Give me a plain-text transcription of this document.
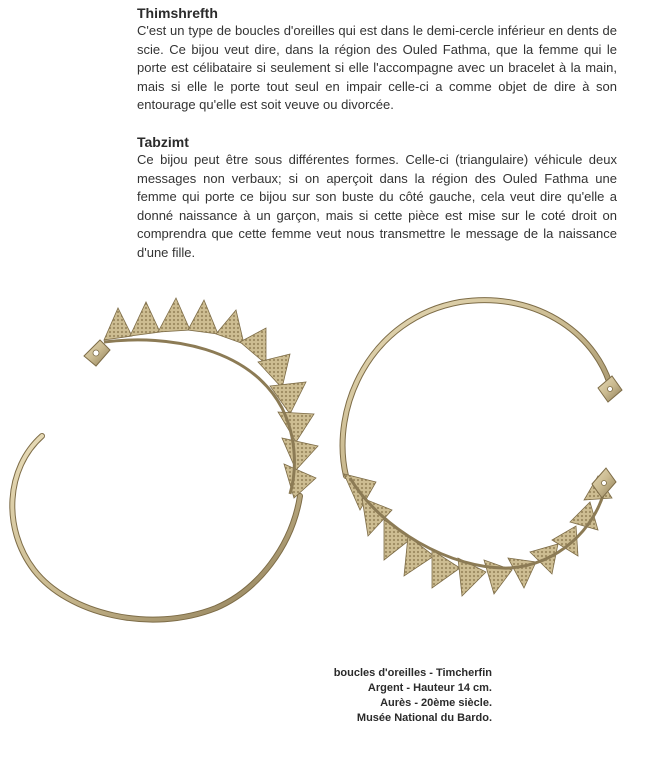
Thimshrefth

C'est un type de boucles d'oreilles qui est dans le demi-cercle inférieur en dents de scie. Ce bijou veut dire, dans la région des Ouled Fathma, que la femme qui le porte est célibataire si seulement si elle l'accompagne avec un bracelet à la main, mais si elle le porte tout seul en impair celle-ci a comme objet de dire à son entourage qu'elle est soit veuve ou divorcée.

Tabzimt

Ce bijou peut être sous différentes formes. Celle-ci (triangulaire) véhicule deux messages non verbaux; si on aperçoit dans la région des Ouled Fathma une femme qui porte ce bijou sur son buste du côté gauche, cela veut dire qu'elle a donné naissance à un garçon, mais si cette pièce est mise sur le coté droit on comprendra que cette femme veut nous transmettre le message de la naissance d'une fille.

boucles d'oreilles - Timcherfin
Argent - Hauteur 14 cm.
Aurès - 20ème siècle.
Musée National du Bardo.
